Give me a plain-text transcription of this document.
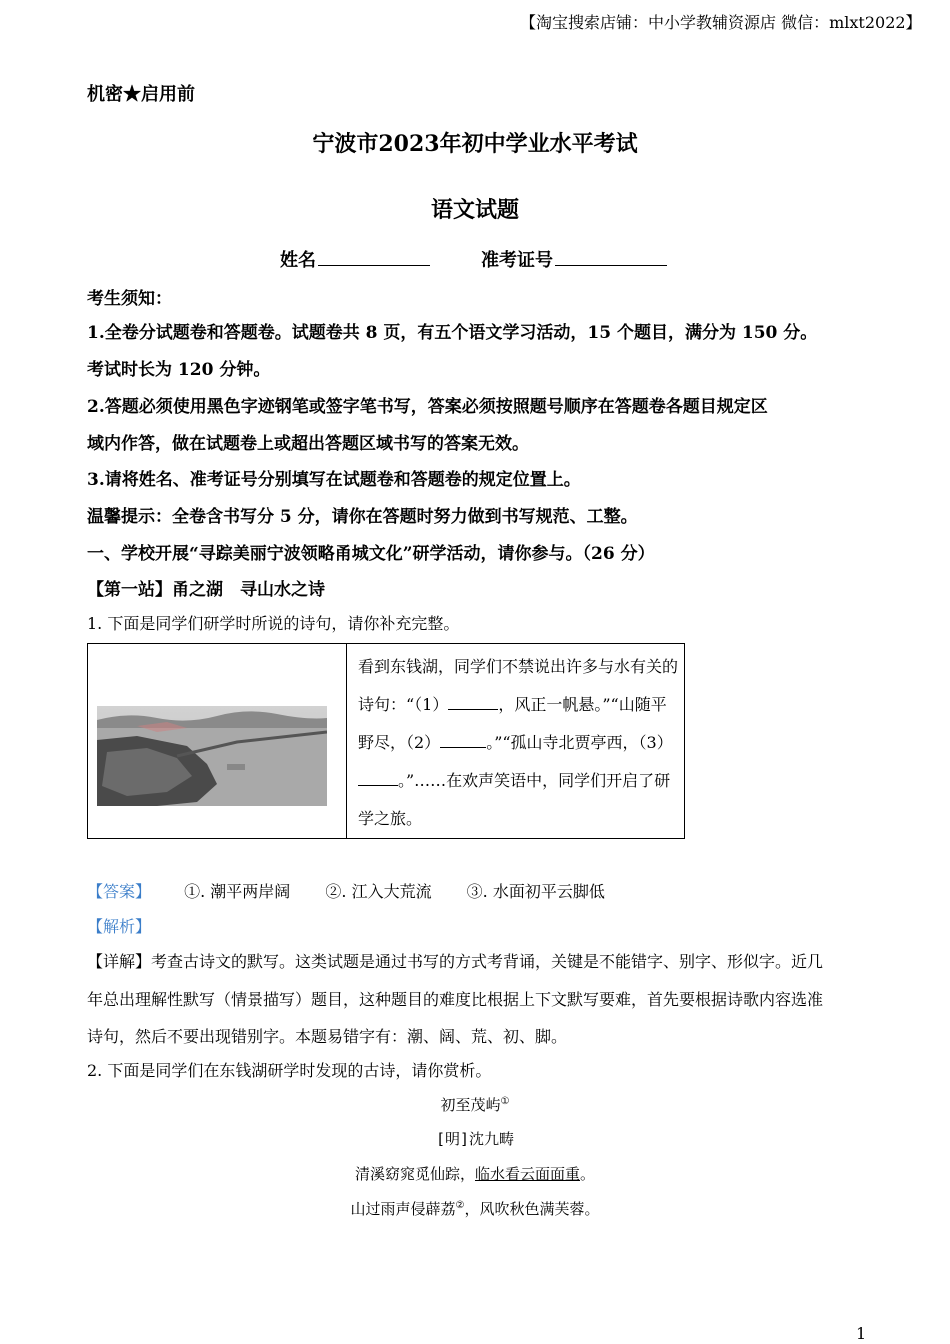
【淘宝搜索店铺：中小学教辅资源店 微信：mlxt2022】
机密★启用前
宁波市2023年初中学业水平考试
语文试题
姓名	准考证号
考生须知：
1.全卷分试题卷和答题卷。试题卷共 8 页，有五个语文学习活动，15 个题目，满分为 150 分。
考试时长为 120 分钟。
2.答题必须使用黑色字迹钢笔或签字笔书写，答案必须按照题号顺序在答题卷各题目规定区
域内作答，做在试题卷上或超出答题区域书写的答案无效。
3.请将姓名、准考证号分别填写在试题卷和答题卷的规定位置上。
温馨提示：全卷含书写分 5 分，请你在答题时努力做到书写规范、工整。
一、学校开展“寻踪美丽宁波领略甬城文化”研学活动，请你参与。（26 分）
【第一站】甬之湖　寻山水之诗
1. 下面是同学们研学时所说的诗句，请你补充完整。
看到东钱湖，同学们不禁说出许多与水有关的诗句：“（1）	，风正一帆悬。”“山随平野尽，（2）	。”“孤山寺北贾亭西，（3）。”……在欢声笑语中，同学们开启了研学之旅。
【答案】 ①. 潮平两岸阔 ②. 江入大荒流 ③. 水面初平云脚低
【解析】
【详解】考查古诗文的默写。这类试题是通过书写的方式考背诵，关键是不能错字、别字、形似字。近几
年总出理解性默写（情景描写）题目，这种题目的难度比根据上下文默写要难，首先要根据诗歌内容选准
诗句，然后不要出现错别字。本题易错字有：潮、阔、荒、初、脚。
2. 下面是同学们在东钱湖研学时发现的古诗，请你赏析。
初至茂屿①
[明]沈九畴
清溪窈窕觅仙踪，临水看云面面重。
山过雨声侵薜荔②，风吹秋色满芙蓉。
1
